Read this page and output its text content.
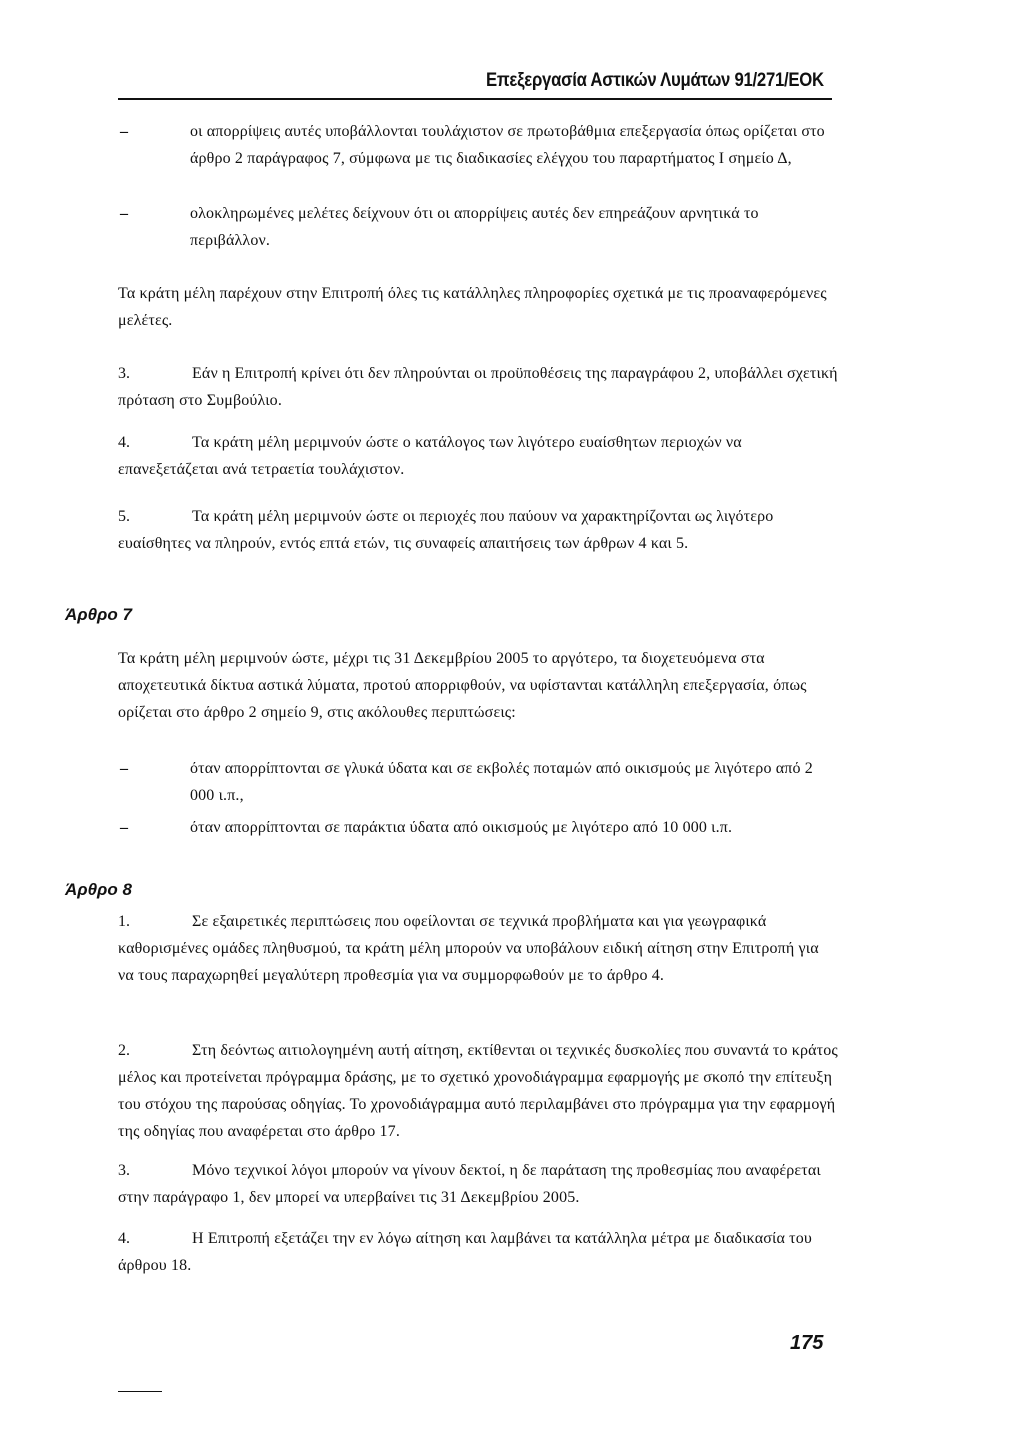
Επεξεργασία Αστικών Λυμάτων 91/271/ΕΟΚ
–	οι απορρίψεις αυτές υποβάλλονται τουλάχιστον σε πρωτοβάθμια επεξεργασία όπως ορίζεται στο άρθρο 2 παράγραφος 7, σύμφωνα με τις διαδικασίες ελέγχου του παραρτήματος Ι σημείο Δ,
–	ολοκληρωμένες μελέτες δείχνουν ότι οι απορρίψεις αυτές δεν επηρεάζουν αρνητικά το περιβάλλον.
Τα κράτη μέλη παρέχουν στην Επιτροπή όλες τις κατάλληλες πληροφορίες σχετικά με τις προαναφερόμενες μελέτες.
3.	Εάν η Επιτροπή κρίνει ότι δεν πληρούνται οι προϋποθέσεις της παραγράφου 2, υποβάλλει σχετική πρόταση στο Συμβούλιο.
4.	Τα κράτη μέλη μεριμνούν ώστε ο κατάλογος των λιγότερο ευαίσθητων περιοχών να επανεξετάζεται ανά τετραετία τουλάχιστον.
5.	Τα κράτη μέλη μεριμνούν ώστε οι περιοχές που παύουν να χαρακτηρίζονται ως λιγότερο ευαίσθητες να πληρούν, εντός επτά ετών, τις συναφείς απαιτήσεις των άρθρων 4 και 5.
Άρθρο 7
Τα κράτη μέλη μεριμνούν ώστε, μέχρι τις 31 Δεκεμβρίου 2005 το αργότερο, τα διοχετευόμενα στα αποχετευτικά δίκτυα αστικά λύματα, προτού απορριφθούν, να υφίστανται κατάλληλη επεξεργασία, όπως ορίζεται στο άρθρο 2 σημείο 9, στις ακόλουθες περιπτώσεις:
–	όταν απορρίπτονται σε γλυκά ύδατα και σε εκβολές ποταμών από οικισμούς με λιγότερο από 2 000 ι.π.,
–	όταν απορρίπτονται σε παράκτια ύδατα από οικισμούς με λιγότερο από 10 000 ι.π.
Άρθρο 8
1.	Σε εξαιρετικές περιπτώσεις που οφείλονται σε τεχνικά προβλήματα και για γεωγραφικά καθορισμένες ομάδες πληθυσμού, τα κράτη μέλη μπορούν να υποβάλουν ειδική αίτηση στην Επιτροπή για να τους παραχωρηθεί μεγαλύτερη προθεσμία για να συμμορφωθούν με το άρθρο 4.
2.	Στη δεόντως αιτιολογημένη αυτή αίτηση, εκτίθενται οι τεχνικές δυσκολίες που συναντά το κράτος μέλος και προτείνεται πρόγραμμα δράσης, με το σχετικό χρονοδιάγραμμα εφαρμογής με σκοπό την επίτευξη του στόχου της παρούσας οδηγίας. Το χρονοδιάγραμμα αυτό περιλαμβάνει στο πρόγραμμα για την εφαρμογή της οδηγίας που αναφέρεται στο άρθρο 17.
3.	Μόνο τεχνικοί λόγοι μπορούν να γίνουν δεκτοί, η δε παράταση της προθεσμίας που αναφέρεται στην παράγραφο 1, δεν μπορεί να υπερβαίνει τις 31 Δεκεμβρίου 2005.
4.	Η Επιτροπή εξετάζει την εν λόγω αίτηση και λαμβάνει τα κατάλληλα μέτρα με διαδικασία του άρθρου 18.
175
